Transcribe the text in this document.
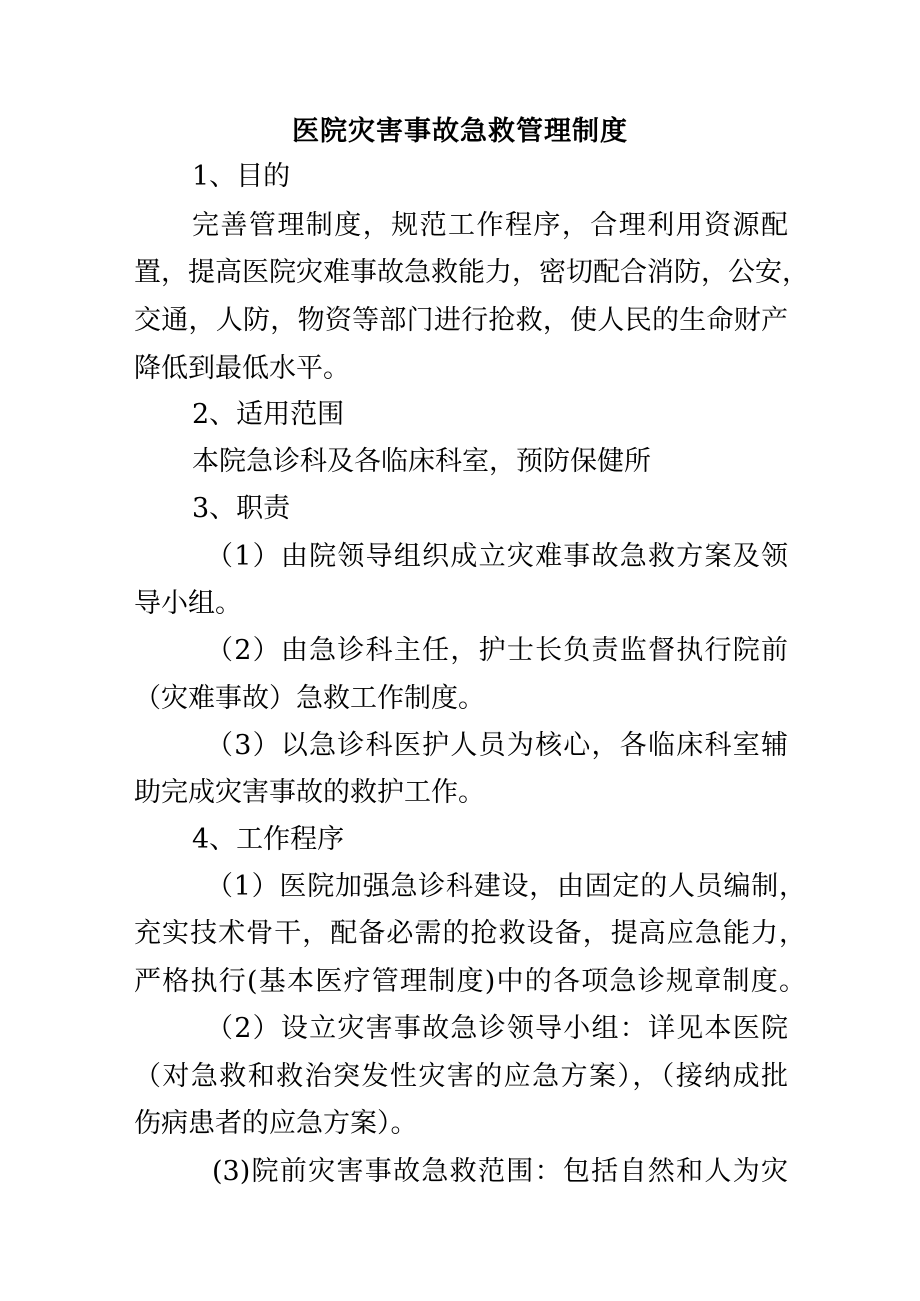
医院灾害事故急救管理制度
1、目的
完善管理制度，规范工作程序，合理利用资源配
置，提高医院灾难事故急救能力，密切配合消防，公安，
交通，人防，物资等部门进行抢救，使人民的生命财产
降低到最低水平。
2、适用范围
本院急诊科及各临床科室，预防保健所
3、职责
（1）由院领导组织成立灾难事故急救方案及领
导小组。
（2）由急诊科主任，护士长负责监督执行院前
（灾难事故）急救工作制度。
（3）以急诊科医护人员为核心，各临床科室辅
助完成灾害事故的救护工作。
4、工作程序
（1）医院加强急诊科建设，由固定的人员编制，
充实技术骨干，配备必需的抢救设备，提高应急能力，
严格执行(基本医疗管理制度)中的各项急诊规章制度。
（2）设立灾害事故急诊领导小组：详见本医院
（对急救和救治突发性灾害的应急方案），（接纳成批
伤病患者的应急方案）。
(3)院前灾害事故急救范围：包括自然和人为灾
